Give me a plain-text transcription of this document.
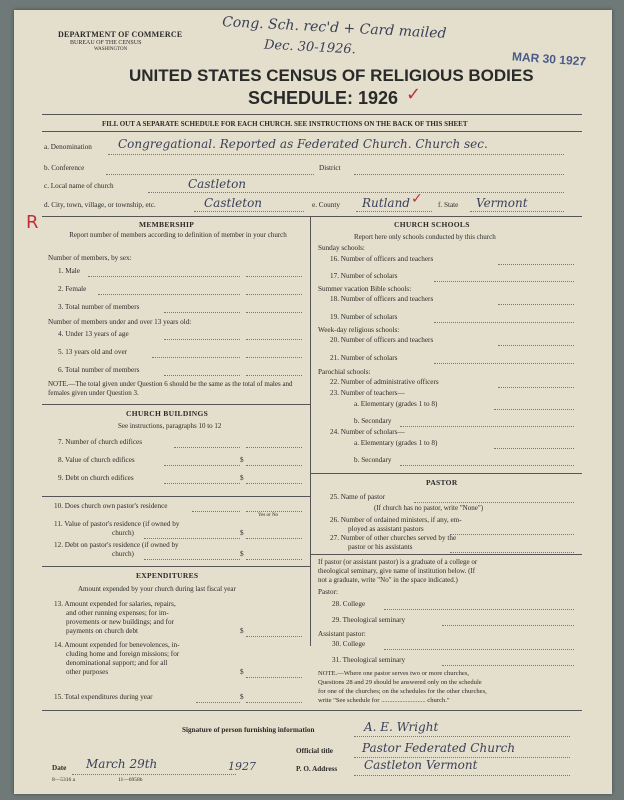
DEPARTMENT OF COMMERCE
BUREAU OF THE CENSUS
WASHINGTON
Cong. Sch. rec'd + Card mailed
Dec. 30-1926.
MAR 30 1927
UNITED STATES CENSUS OF RELIGIOUS BODIES
SCHEDULE: 1926 ✓
FILL OUT A SEPARATE SCHEDULE FOR EACH CHURCH. SEE INSTRUCTIONS ON THE BACK OF THIS SHEET
a. Denomination Congregational. Reported as Federated Church. Church sec.
b. Conference	District
c. Local name of church	Castleton
d. City, town, village, or township, etc.	Castleton	e. County Rutland ✓ f. State Vermont
R	MEMBERSHIP
Report number of members according to definition of member in your church
Number of members, by sex:
1. Male
2. Female
3. Total number of members
Number of members under and over 13 years old:
4. Under 13 years of age
5. 13 years old and over
6. Total number of members
NOTE.—The total given under Question 6 should be the same as the total of males and females given under Question 3.
CHURCH BUILDINGS
See instructions, paragraphs 10 to 12
7. Number of church edifices
8. Value of church edifices	$
9. Debt on church edifices	$
10. Does church own pastor's residence
Yes or No
11. Value of pastor's residence (if owned by
church)	$
12. Debt on pastor's residence (if owned by
church)	$
EXPENDITURES
Amount expended by your church during last fiscal year
13. Amount expended for salaries, repairs,
and other running expenses; for im-
provements or new buildings; and for
payments on church debt	$
14. Amount expended for benevolences, in-
cluding home and foreign missions; for
denominational support; and for all
other purposes	$
15. Total expenditures during year	$
CHURCH SCHOOLS
Report here only schools conducted by this church
Sunday schools:
16. Number of officers and teachers
17. Number of scholars
Summer vacation Bible schools:
18. Number of officers and teachers
19. Number of scholars
Week-day religious schools:
20. Number of officers and teachers
21. Number of scholars
Parochial schools:
22. Number of administrative officers
23. Number of teachers—
a. Elementary (grades 1 to 8)
b. Secondary
24. Number of scholars—
a. Elementary (grades 1 to 8)
b. Secondary
PASTOR
25. Name of pastor
(If church has no pastor, write "None")
26. Number of ordained ministers, if any, em-
ployed as assistant pastors
27. Number of other churches served by the
pastor or his assistants
If pastor (or assistant pastor) is a graduate of a college or
theological seminary, give name of institution below. (If
not a graduate, write "No" in the space indicated.)
Pastor:
28. College
29. Theological seminary
Assistant pastor:
30. College
31. Theological seminary
NOTE.—Where one pastor serves two or more churches,
Questions 28 and 29 should be answered only on the schedule
for one of the churches; on the schedules for the other churches,
write "See schedule for ........................... church."
Signature of person furnishing information	A. E. Wright
Official title Pastor Federated Church
Date March 29th	1927	P. O. Address Castleton Vermont
8—5316 a	11—6958b
